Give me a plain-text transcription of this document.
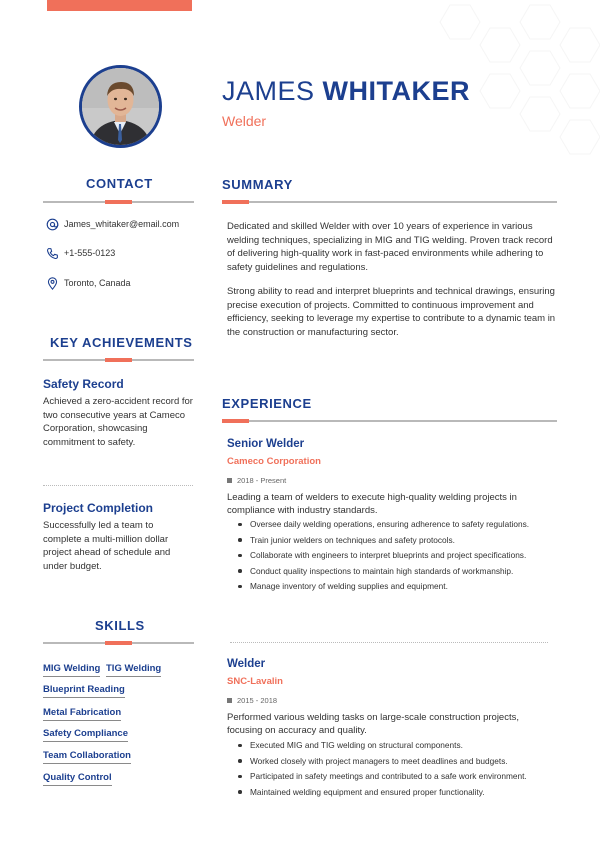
JAMES WHITAKER
Welder
CONTACT
James_whitaker@email.com
+1-555-0123
Toronto, Canada
KEY ACHIEVEMENTS
Safety Record
Achieved a zero-accident record for two consecutive years at Cameco Corporation, showcasing commitment to safety.
Project Completion
Successfully led a team to complete a multi-million dollar project ahead of schedule and under budget.
SKILLS
MIG Welding TIG Welding
Blueprint Reading
Metal Fabrication
Safety Compliance
Team Collaboration
Quality Control
SUMMARY

Dedicated and skilled Welder with over 10 years of experience in various welding techniques, specializing in MIG and TIG welding. Proven track record of delivering high-quality work in fast-paced environments while adhering to safety guidelines and regulations.

Strong ability to read and interpret blueprints and technical drawings, ensuring precise execution of projects. Committed to continuous improvement and efficiency, seeking to leverage my expertise to contribute to a dynamic team in the construction or manufacturing sector.

EXPERIENCE
Senior Welder
Cameco Corporation
2018 - Present

Leading a team of welders to execute high-quality welding projects in compliance with industry standards.

Oversee daily welding operations, ensuring adherence to safety regulations.
Train junior welders on techniques and safety protocols.
Collaborate with engineers to interpret blueprints and project specifications.
Conduct quality inspections to maintain high standards of workmanship.
Manage inventory of welding supplies and equipment.
Welder
SNC-Lavalin
2015 - 2018

Performed various welding tasks on large-scale construction projects, focusing on accuracy and quality.

Executed MIG and TIG welding on structural components.
Worked closely with project managers to meet deadlines and budgets.
Participated in safety meetings and contributed to a safe work environment.
Maintained welding equipment and ensured proper functionality.
